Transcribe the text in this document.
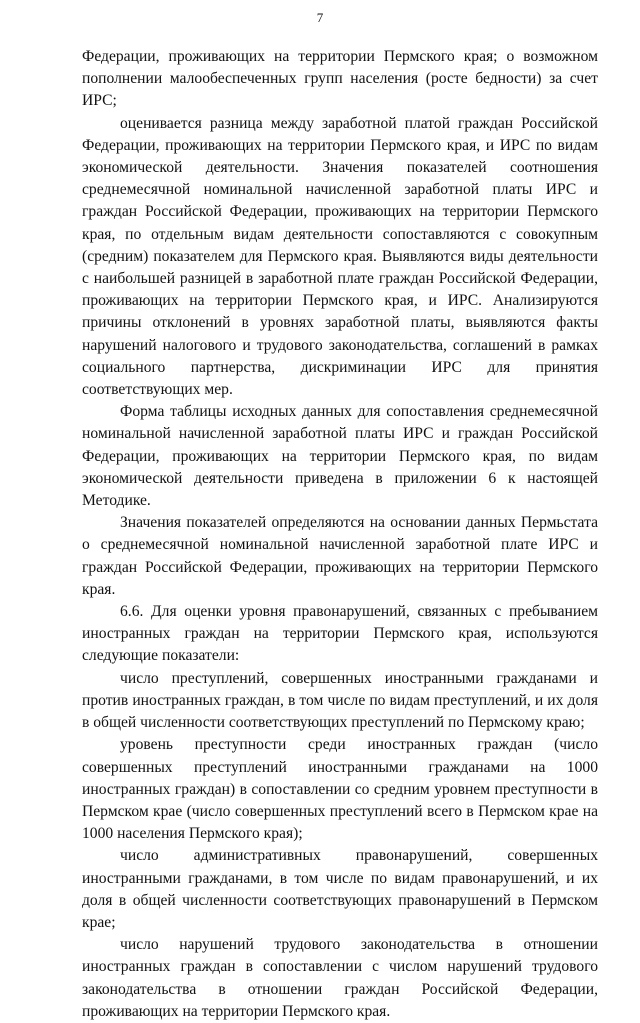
7

Федерации, проживающих на территории Пермского края; о возможном пополнении малообеспеченных групп населения (росте бедности) за счет ИРС;

оценивается разница между заработной платой граждан Российской Федерации, проживающих на территории Пермского края, и ИРС по видам экономической деятельности. Значения показателей соотношения среднемесячной номинальной начисленной заработной платы ИРС и граждан Российской Федерации, проживающих на территории Пермского края, по отдельным видам деятельности сопоставляются с совокупным (средним) показателем для Пермского края. Выявляются виды деятельности с наибольшей разницей в заработной плате граждан Российской Федерации, проживающих на территории Пермского края, и ИРС. Анализируются причины отклонений в уровнях заработной платы, выявляются факты нарушений налогового и трудового законодательства, соглашений в рамках социального партнерства, дискриминации ИРС для принятия соответствующих мер.

Форма таблицы исходных данных для сопоставления среднемесячной номинальной начисленной заработной платы ИРС и граждан Российской Федерации, проживающих на территории Пермского края, по видам экономической деятельности приведена в приложении 6 к настоящей Методике.

Значения показателей определяются на основании данных Пермьстата о среднемесячной номинальной начисленной заработной плате ИРС и граждан Российской Федерации, проживающих на территории Пермского края.

6.6. Для оценки уровня правонарушений, связанных с пребыванием иностранных граждан на территории Пермского края, используются следующие показатели:

число преступлений, совершенных иностранными гражданами и против иностранных граждан, в том числе по видам преступлений, и их доля в общей численности соответствующих преступлений по Пермскому краю;

уровень преступности среди иностранных граждан (число совершенных преступлений иностранными гражданами на 1000 иностранных граждан) в сопоставлении со средним уровнем преступности в Пермском крае (число совершенных преступлений всего в Пермском крае на 1000 населения Пермского края);

число административных правонарушений, совершенных иностранными гражданами, в том числе по видам правонарушений, и их доля в общей численности соответствующих правонарушений в Пермском крае;

число нарушений трудового законодательства в отношении иностранных граждан в сопоставлении с числом нарушений трудового законодательства в отношении граждан Российской Федерации, проживающих на территории Пермского края.
